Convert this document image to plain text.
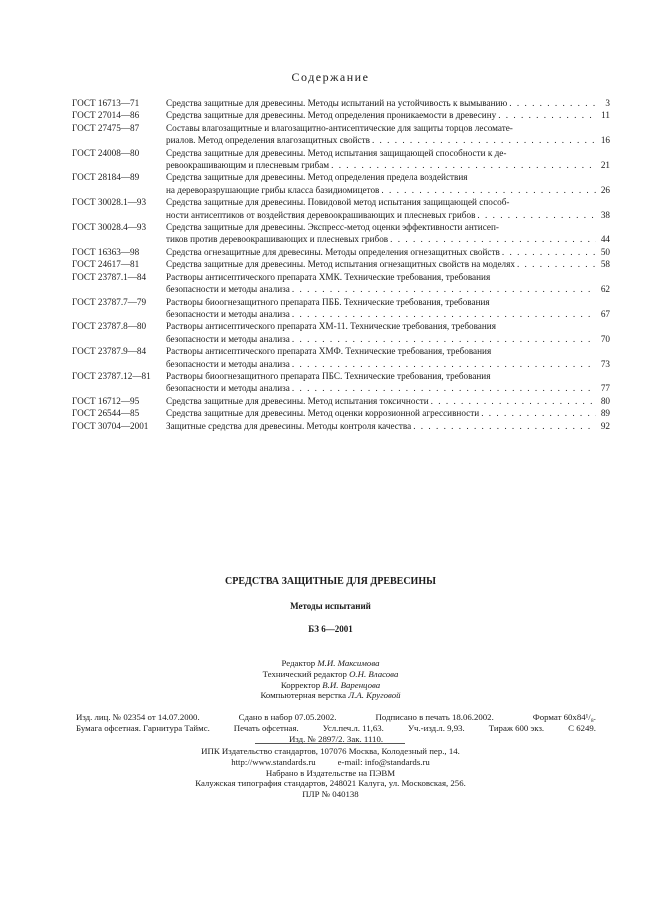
Содержание
ГОСТ 16713—71	Средства защитные для древесины. Методы испытаний на устойчивость к вымыванию . . .	3
ГОСТ 27014—86	Средства защитные для древесины. Метод определения проникаемости в древесину . . .	11
ГОСТ 27475—87	Составы влагозащитные и влагозащитно-антисептические для защиты торцов лесомате-
риалов. Метод определения влагозащитных свойств . . .	16
ГОСТ 24008—80	Средства защитные для древесины. Метод испытания защищающей способности к де-
ревоокрашивающим и плесневым грибам . . .	21
ГОСТ 28184—89	Средства защитные для древесины. Метод определения предела воздействия
на дереворазрушающие грибы класса базидиомицетов . . .	26
ГОСТ 30028.1—93	Средства защитные для древесины. Повидовой метод испытания защищающей способ-
ности антисептиков от воздействия деревоокрашивающих и плесневых грибов . . .	38
ГОСТ 30028.4—93	Средства защитные для древесины. Экспресс-метод оценки эффективности антисеп-
тиков против деревоокрашивающих и плесневых грибов . . .	44
ГОСТ 16363—98	Средства огнезащитные для древесины. Методы определения огнезащитных свойств . . .	50
ГОСТ 24617—81	Средства защитные для древесины. Метод испытания огнезащитных свойств на моделях . . .	58
ГОСТ 23787.1—84	Растворы антисептического препарата ХМК. Технические требования, требования
безопасности и методы анализа . . .	62
ГОСТ 23787.7—79	Растворы биоогнезащитного препарата ПББ. Технические требования, требования
безопасности и методы анализа . . .	67
ГОСТ 23787.8—80	Растворы антисептического препарата ХМ-11. Технические требования, требования
безопасности и методы анализа . . .	70
ГОСТ 23787.9—84	Растворы антисептического препарата ХМФ. Технические требования, требования
безопасности и методы анализа . . .	73
ГОСТ 23787.12—81	Растворы биоогнезащитного препарата ПБС. Технические требования, требования
безопасности и методы анализа . . .	77
ГОСТ 16712—95	Средства защитные для древесины. Метод испытания токсичности . . .	80
ГОСТ 26544—85	Средства защитные для древесины. Метод оценки коррозионной агрессивности . . .	89
ГОСТ 30704—2001	Защитные средства для древесины. Методы контроля качества . . .	92
СРЕДСТВА ЗАЩИТНЫЕ ДЛЯ ДРЕВЕСИНЫ
Методы испытаний
БЗ 6—2001
Редактор М.И. Максимова
Технический редактор О.Н. Власова
Корректор В.И. Варенцова
Компьютерная верстка Л.А. Круговой
Изд. лиц. № 02354 от 14.07.2000.	Сдано в набор 07.05.2002.	Подписано в печать 18.06.2002.	Формат 60x84¹/₈.
Бумага офсетная. Гарнитура Таймс.	Печать офсетная.	Усл.печ.л. 11,63.	Уч.-изд.л. 9,93.	Тираж 600 экз.	С 6249.
Изд. № 2897/2. Зак. 1110.
ИПК Издательство стандартов, 107076 Москва, Колодезный пер., 14.
http://www.standards.ru          e-mail: info@standards.ru
Набрано в Издательстве на ПЭВМ
Калужская типография стандартов, 248021 Калуга, ул. Московская, 256.
ПЛР № 040138
